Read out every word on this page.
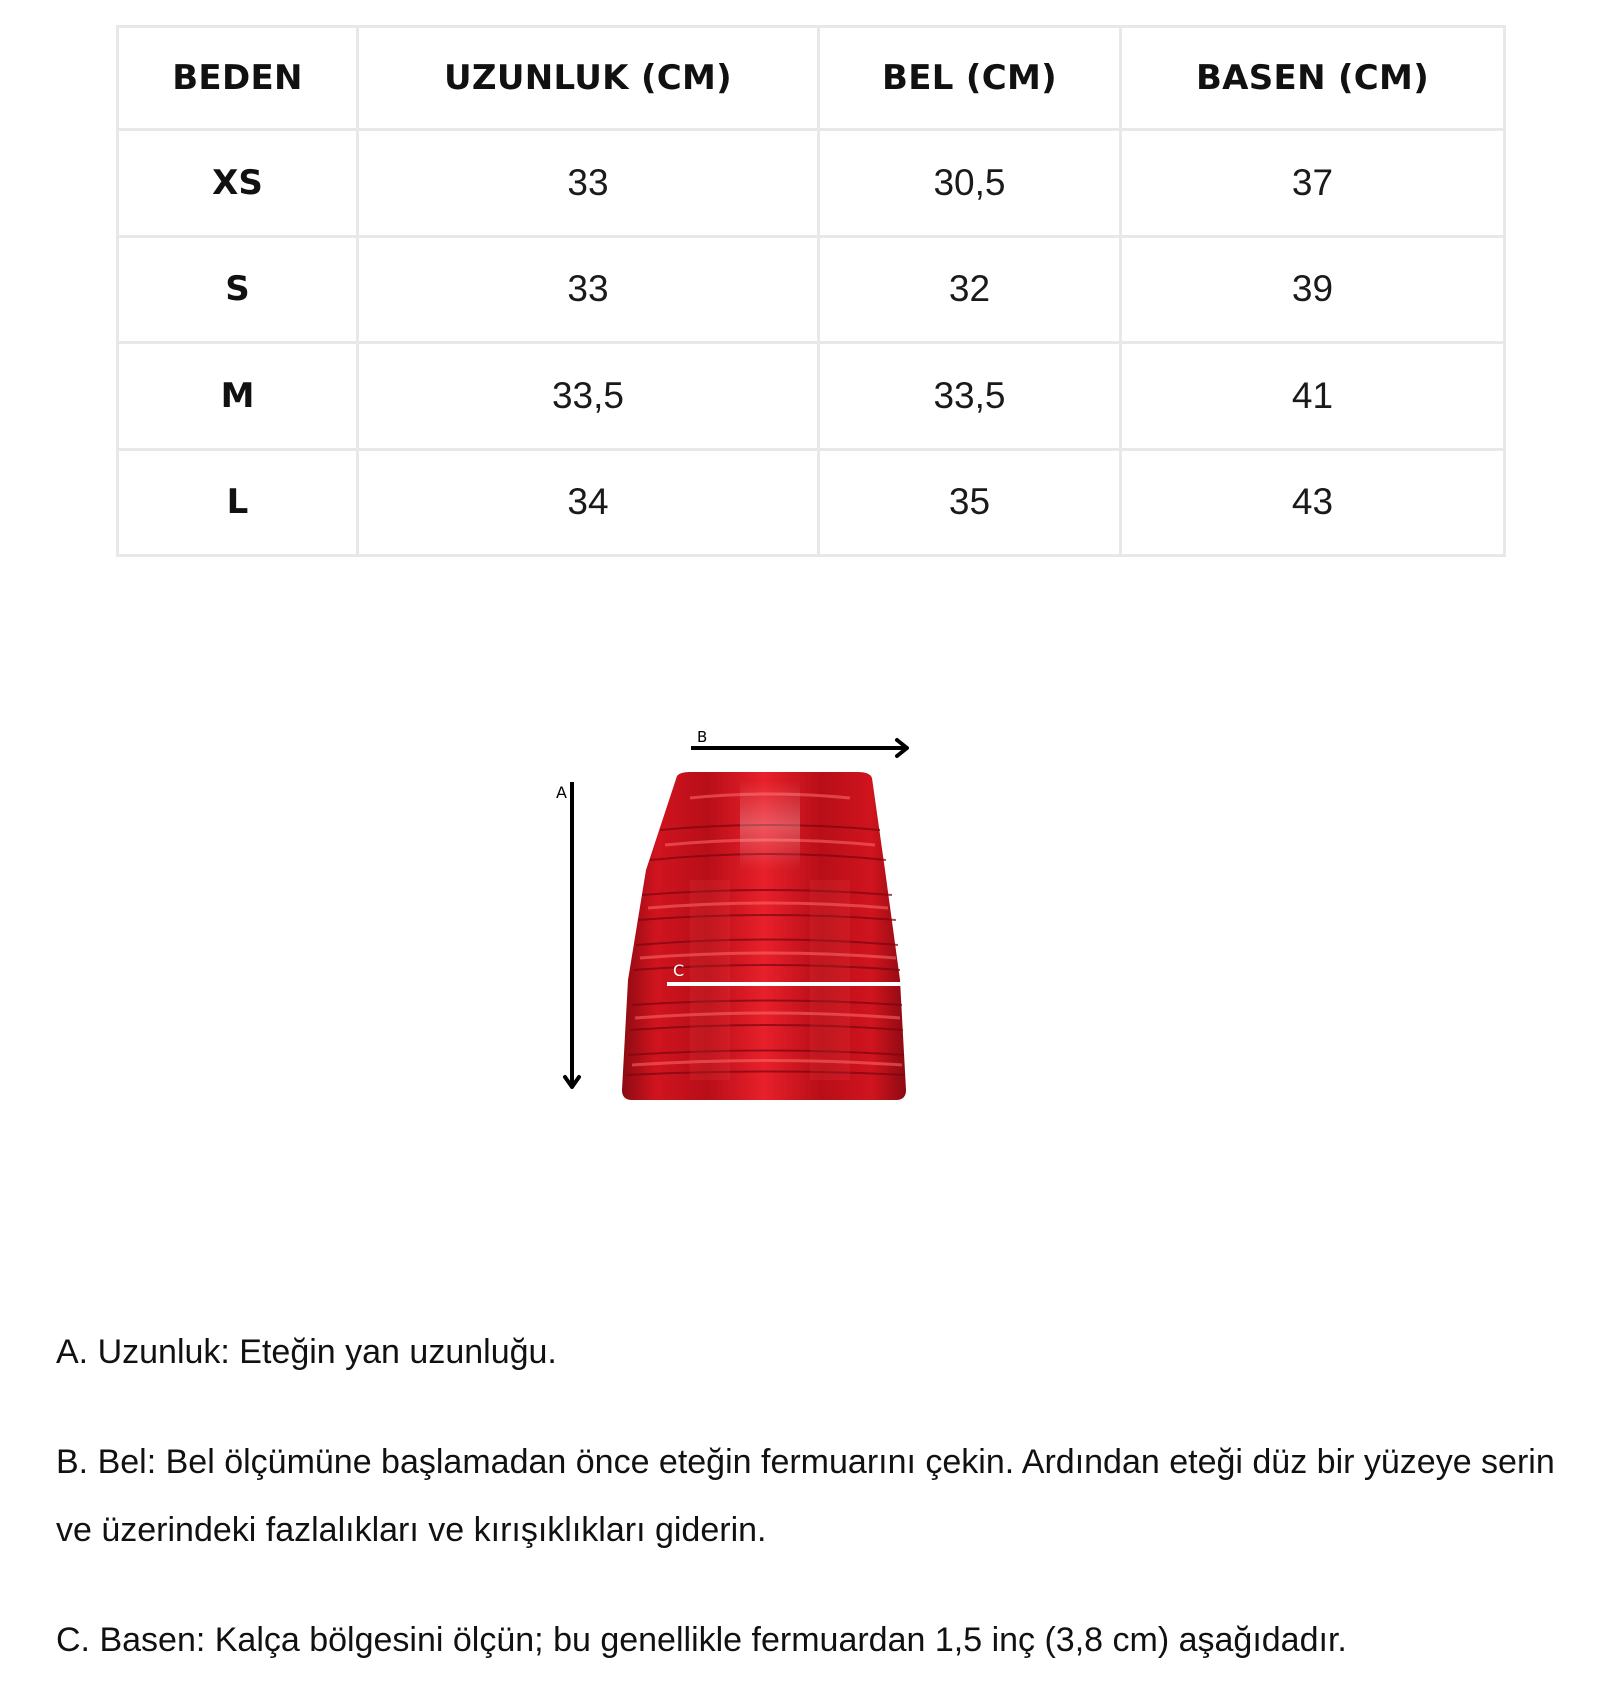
BEDEN	UZUNLUK (CM)	BEL (CM)	BASEN (CM)
XS	33	30,5	37
S	33	32	39
M	33,5	33,5	41
L	34	35	43
A
B
C

A. Uzunluk: Eteğin yan uzunluğu.

B. Bel: Bel ölçümüne başlamadan önce eteğin fermuarını çekin. Ardından eteği düz bir yüzeye serin ve üzerindeki fazlalıkları ve kırışıklıkları giderin.

C. Basen: Kalça bölgesini ölçün; bu genellikle fermuardan 1,5 inç (3,8 cm) aşağıdadır.
